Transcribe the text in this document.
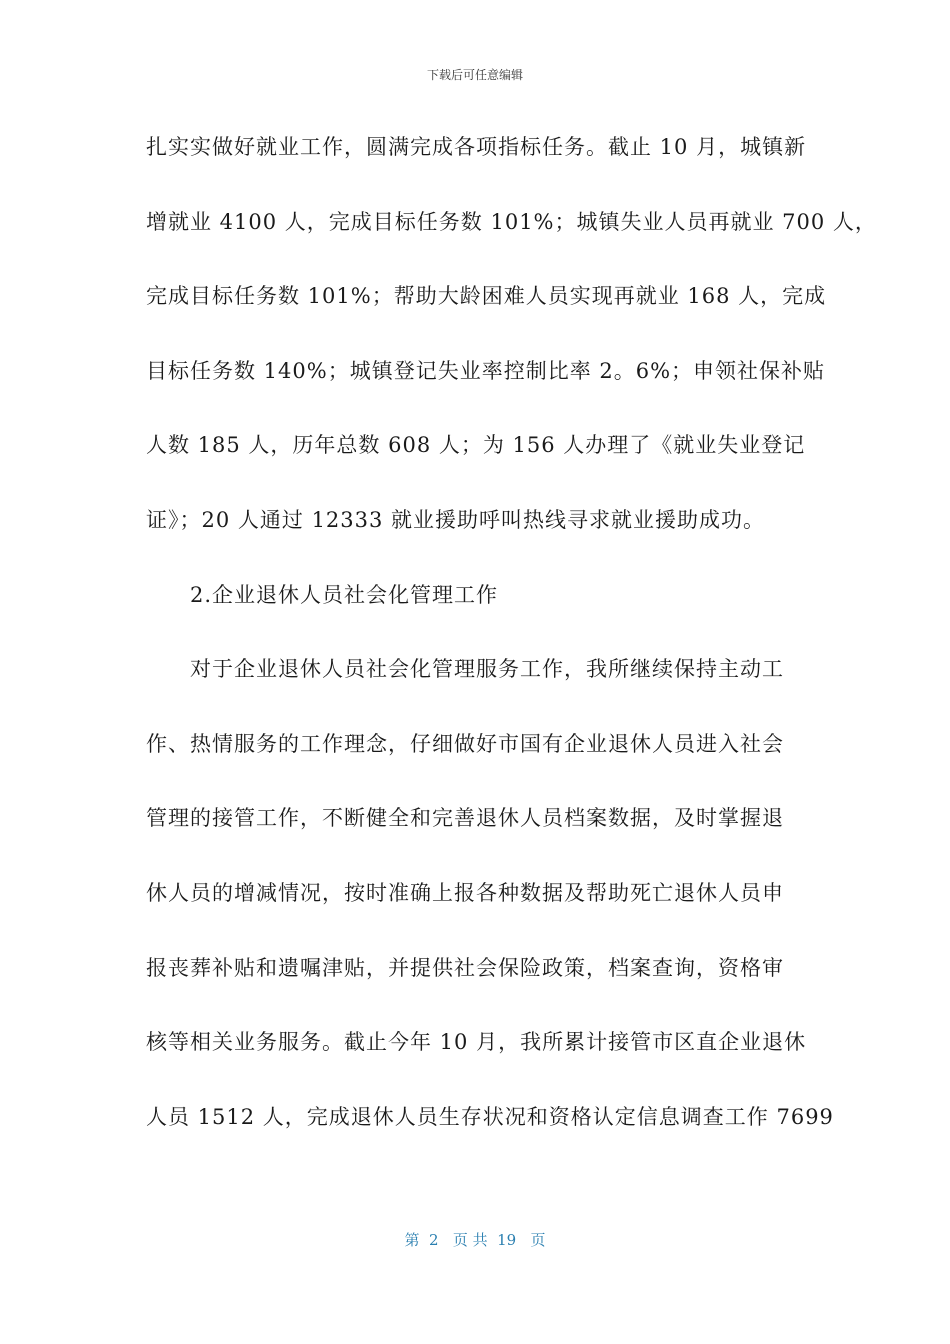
下载后可任意编辑
扎实实做好就业工作，圆满完成各项指标任务。截止 10 月，城镇新
增就业 4100 人，完成目标任务数 101%；城镇失业人员再就业 700 人，
完成目标任务数 101%；帮助大龄困难人员实现再就业 168 人，完成
目标任务数 140%；城镇登记失业率控制比率 2。6%；申领社保补贴
人数 185 人，历年总数 608 人；为 156 人办理了《就业失业登记
证》；20 人通过 12333 就业援助呼叫热线寻求就业援助成功。
2.企业退休人员社会化管理工作
对于企业退休人员社会化管理服务工作，我所继续保持主动工
作、热情服务的工作理念，仔细做好市国有企业退休人员进入社会
管理的接管工作，不断健全和完善退休人员档案数据，及时掌握退
休人员的增减情况，按时准确上报各种数据及帮助死亡退休人员申
报丧葬补贴和遗嘱津贴，并提供社会保险政策，档案查询，资格审
核等相关业务服务。截止今年 10 月，我所累计接管市区直企业退休
人员 1512 人，完成退休人员生存状况和资格认定信息调查工作 7699
第  2   页 共  19   页
